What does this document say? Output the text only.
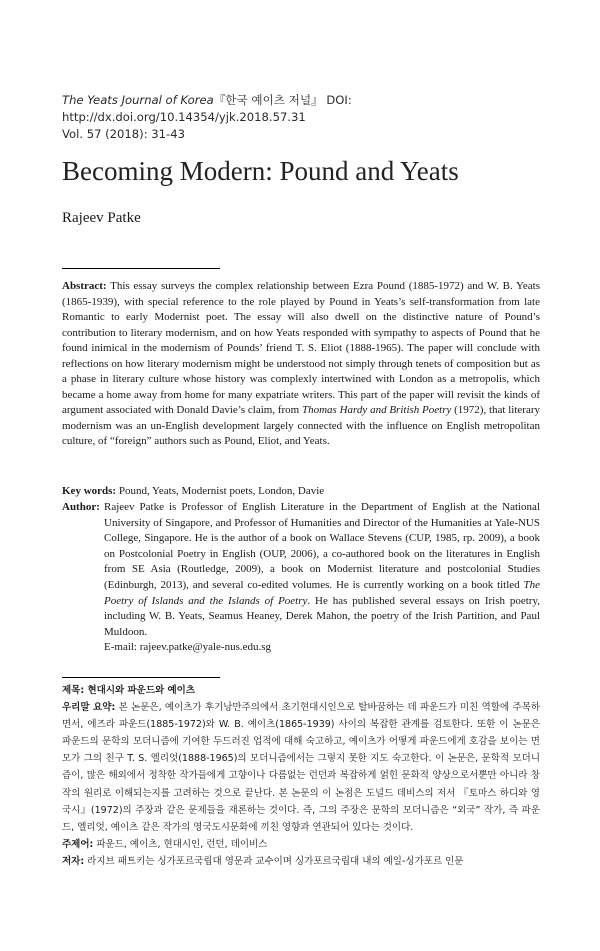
The Yeats Journal of Korea『한국 예이츠 저널』 DOI: http://dx.doi.org/10.14354/yjk.2018.57.31
Vol. 57 (2018): 31-43
Becoming Modern: Pound and Yeats
Rajeev Patke
Abstract: This essay surveys the complex relationship between Ezra Pound (1885-1972) and W. B. Yeats (1865-1939), with special reference to the role played by Pound in Yeats’s self-transformation from late Romantic to early Modernist poet. The essay will also dwell on the distinctive nature of Pound’s contribution to literary modernism, and on how Yeats responded with sympathy to aspects of Pound that he found inimical in the modernism of Pounds’ friend T. S. Eliot (1888-1965). The paper will conclude with reflections on how literary modernism might be understood not simply through tenets of composition but as a phase in literary culture whose history was complexly intertwined with London as a metropolis, which became a home away from home for many expatriate writers. This part of the paper will revisit the kinds of argument associated with Donald Davie’s claim, from Thomas Hardy and British Poetry (1972), that literary modernism was an un-English development largely connected with the influence on English metropolitan culture, of “foreign” authors such as Pound, Eliot, and Yeats.
Key words: Pound, Yeats, Modernist poets, London, Davie
Author: Rajeev Patke is Professor of English Literature in the Department of English at the National University of Singapore, and Professor of Humanities and Director of the Humanities at Yale-NUS College, Singapore. He is the author of a book on Wallace Stevens (CUP, 1985, rp. 2009), a book on Postcolonial Poetry in English (OUP, 2006), a co-authored book on the literatures in English from SE Asia (Routledge, 2009), a book on Modernist literature and postcolonial Studies (Edinburgh, 2013), and several co-edited volumes. He is currently working on a book titled The Poetry of Islands and the Islands of Poetry. He has published several essays on Irish poetry, including W. B. Yeats, Seamus Heaney, Derek Mahon, the poetry of the Irish Partition, and Paul Muldoon.
E-mail: rajeev.patke@yale-nus.edu.sg

제목: 현대시와 파운드와 예이츠

우리말 요약: 본 논문은, 예이츠가 후기낭만주의에서 초기현대시인으로 탈바꿈하는 데 파운드가 미친 역할에 주목하면서, 에즈라 파운드(1885-1972)와 W. B. 예이츠(1865-1939) 사이의 복잡한 관계를 검토한다. 또한 이 논문은 파운드의 문학의 모더니즘에 기여한 두드러진 업적에 대해 숙고하고, 예이츠가 어떻게 파운드에게 호감을 보이는 면모가 그의 친구 T. S. 엘리엇(1888-1965)의 모더니즘에서는 그렇지 못한 지도 숙고한다. 이 논문은, 문학적 모더니즘이, 많은 해외에서 정착한 작가들에게 고향이나 다름없는 런던과 복잡하게 얽힌 문화적 양상으로서뿐만 아니라 창작의 원리로 이해되는지를 고려하는 것으로 끝난다. 본 논문의 이 논점은 도널드 데비스의 저서 『토마스 하디와 영국시』(1972)의 주장과 같은 문제들을 재론하는 것이다. 즉, 그의 주장은 문학의 모더니즘은 “외국” 작가, 즉 파운드, 엘리엇, 예이츠 같은 작가의 영국도시문화에 끼친 영향과 연관되어 있다는 것이다.

주제어: 파운드, 예이츠, 현대시인, 런던, 데이비스

저자: 라지브 패트키는 싱가포르국립대 영문과 교수이며 싱가포르국립대 내의 예일-싱가포르 인문
